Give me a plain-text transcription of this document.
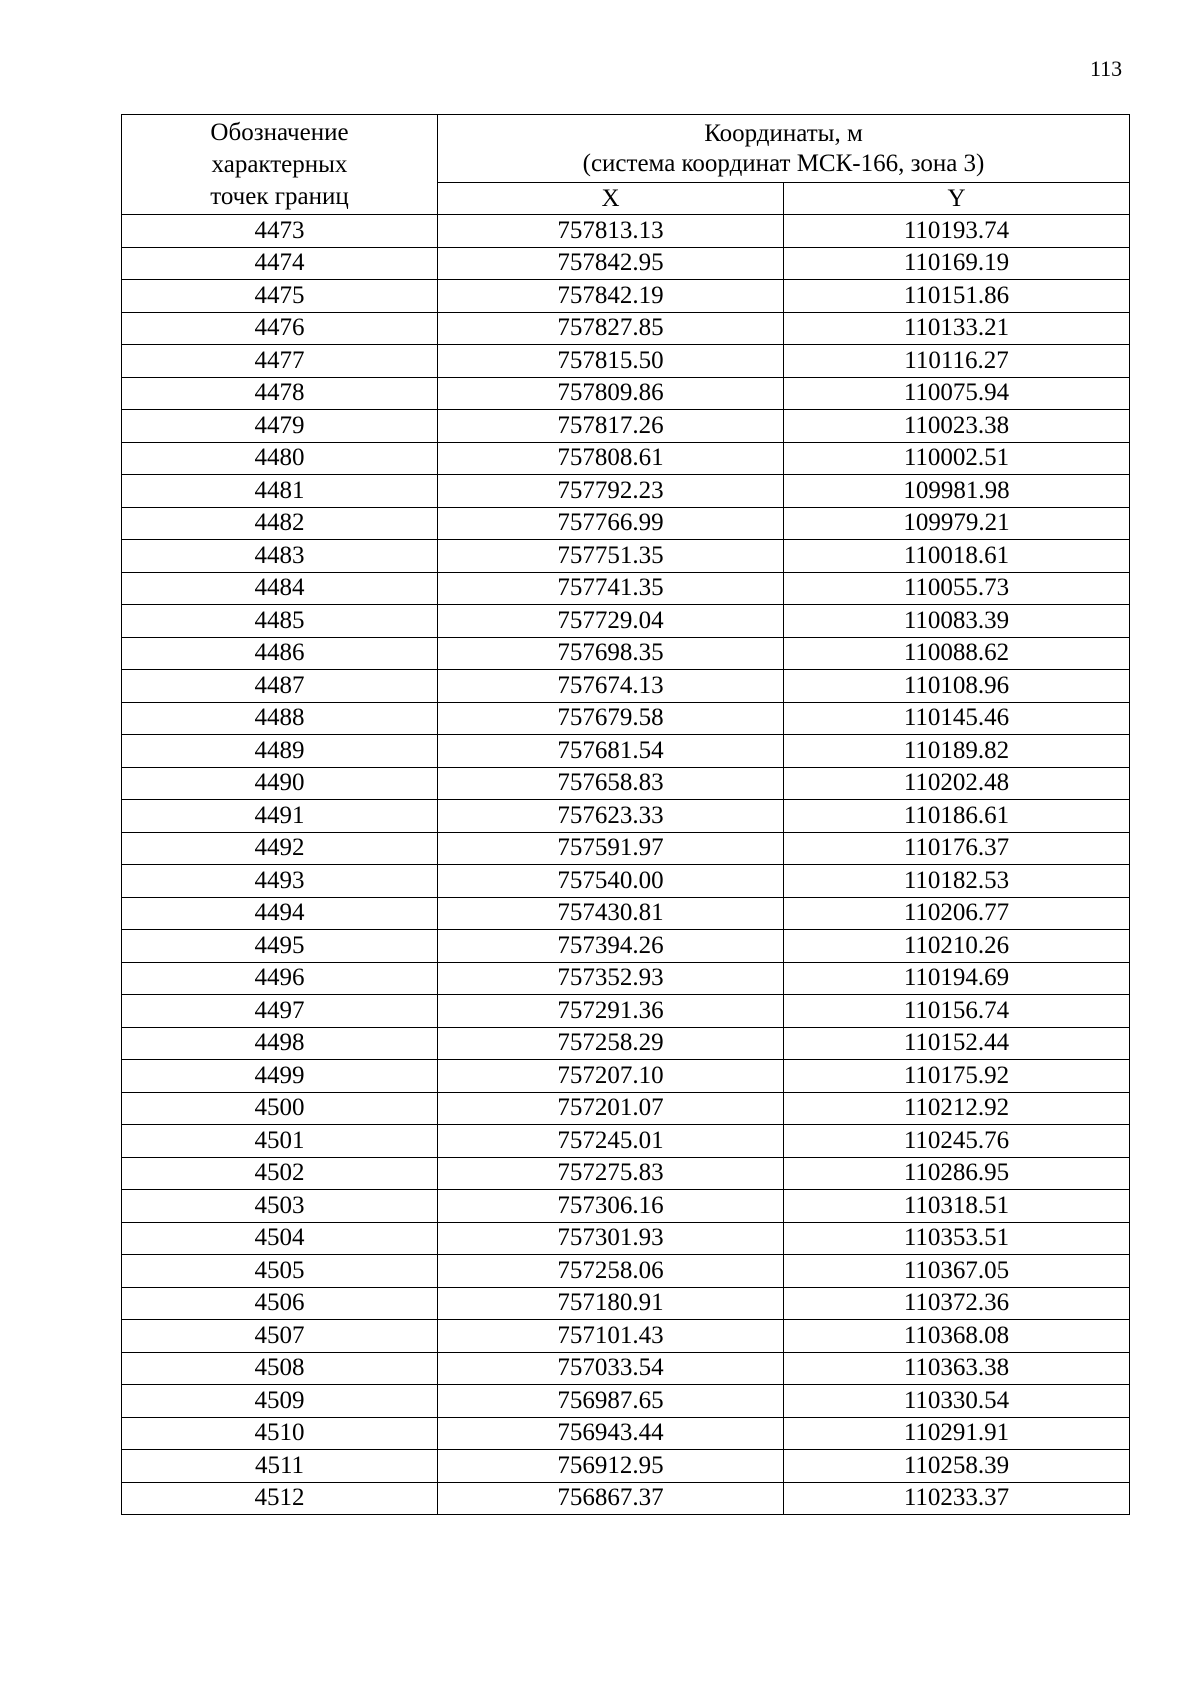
113
Обозначение
характерных
точек границ	Координаты, м
(система координат МСК-166, зона 3)	

	X	Y
4473	757813.13	110193.74
4474	757842.95	110169.19
4475	757842.19	110151.86
4476	757827.85	110133.21
4477	757815.50	110116.27
4478	757809.86	110075.94
4479	757817.26	110023.38
4480	757808.61	110002.51
4481	757792.23	109981.98
4482	757766.99	109979.21
4483	757751.35	110018.61
4484	757741.35	110055.73
4485	757729.04	110083.39
4486	757698.35	110088.62
4487	757674.13	110108.96
4488	757679.58	110145.46
4489	757681.54	110189.82
4490	757658.83	110202.48
4491	757623.33	110186.61
4492	757591.97	110176.37
4493	757540.00	110182.53
4494	757430.81	110206.77
4495	757394.26	110210.26
4496	757352.93	110194.69
4497	757291.36	110156.74
4498	757258.29	110152.44
4499	757207.10	110175.92
4500	757201.07	110212.92
4501	757245.01	110245.76
4502	757275.83	110286.95
4503	757306.16	110318.51
4504	757301.93	110353.51
4505	757258.06	110367.05
4506	757180.91	110372.36
4507	757101.43	110368.08
4508	757033.54	110363.38
4509	756987.65	110330.54
4510	756943.44	110291.91
4511	756912.95	110258.39
4512	756867.37	110233.37
